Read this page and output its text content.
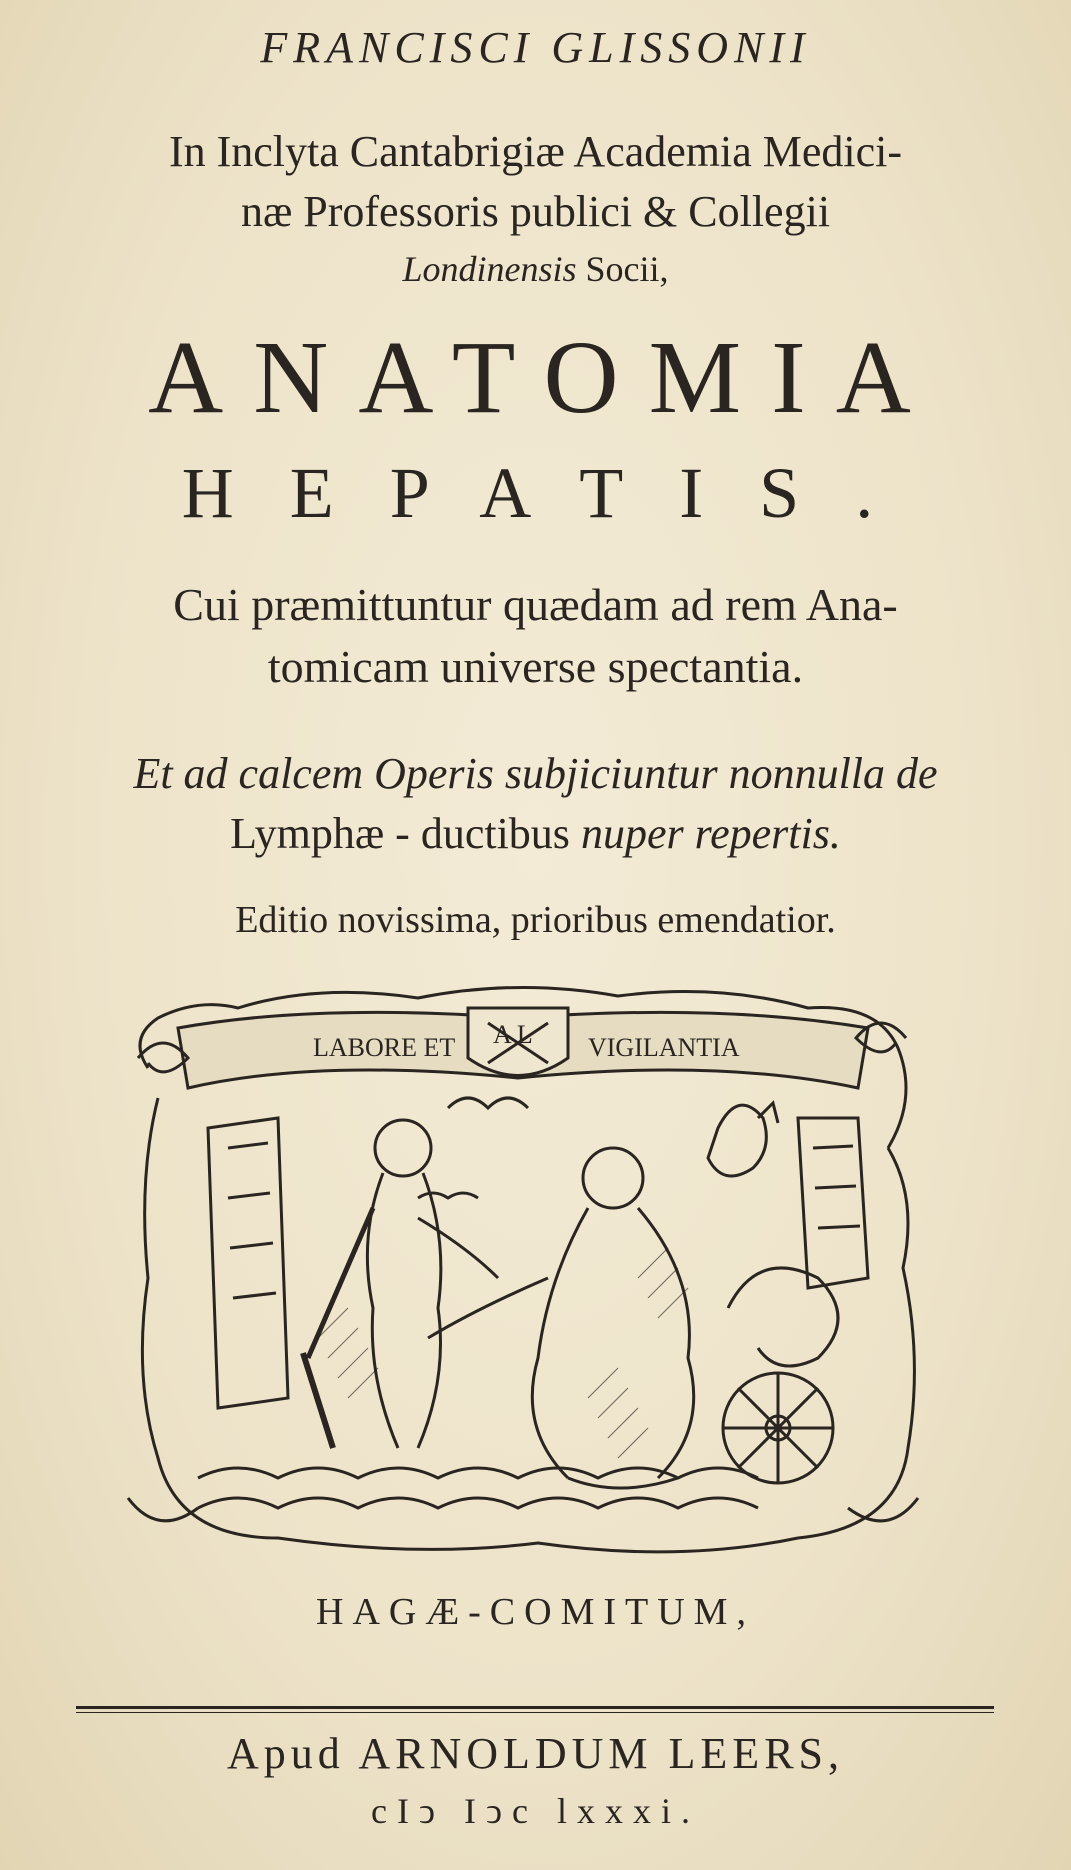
FRANCISCI GLISSONII
In Inclyta Cantabrigiæ Academia Medici-
næ Professoris publici & Collegii
Londinensis Socii,
ANATOMIA
HEPATIS.
Cui præmittuntur quædam ad rem Ana-
tomicam universe spectantia.
Et ad calcem Operis subjiciuntur nonnulla de
Lymphæ - ductibus nuper repertis.
Editio novissima, prioribus emendatior.
LABORE ET A L VIGILANTIA
HAGÆ-COMITUM,
Apud ARNOLDUM LEERS,
cIↄ Iↄc lxxxi.
